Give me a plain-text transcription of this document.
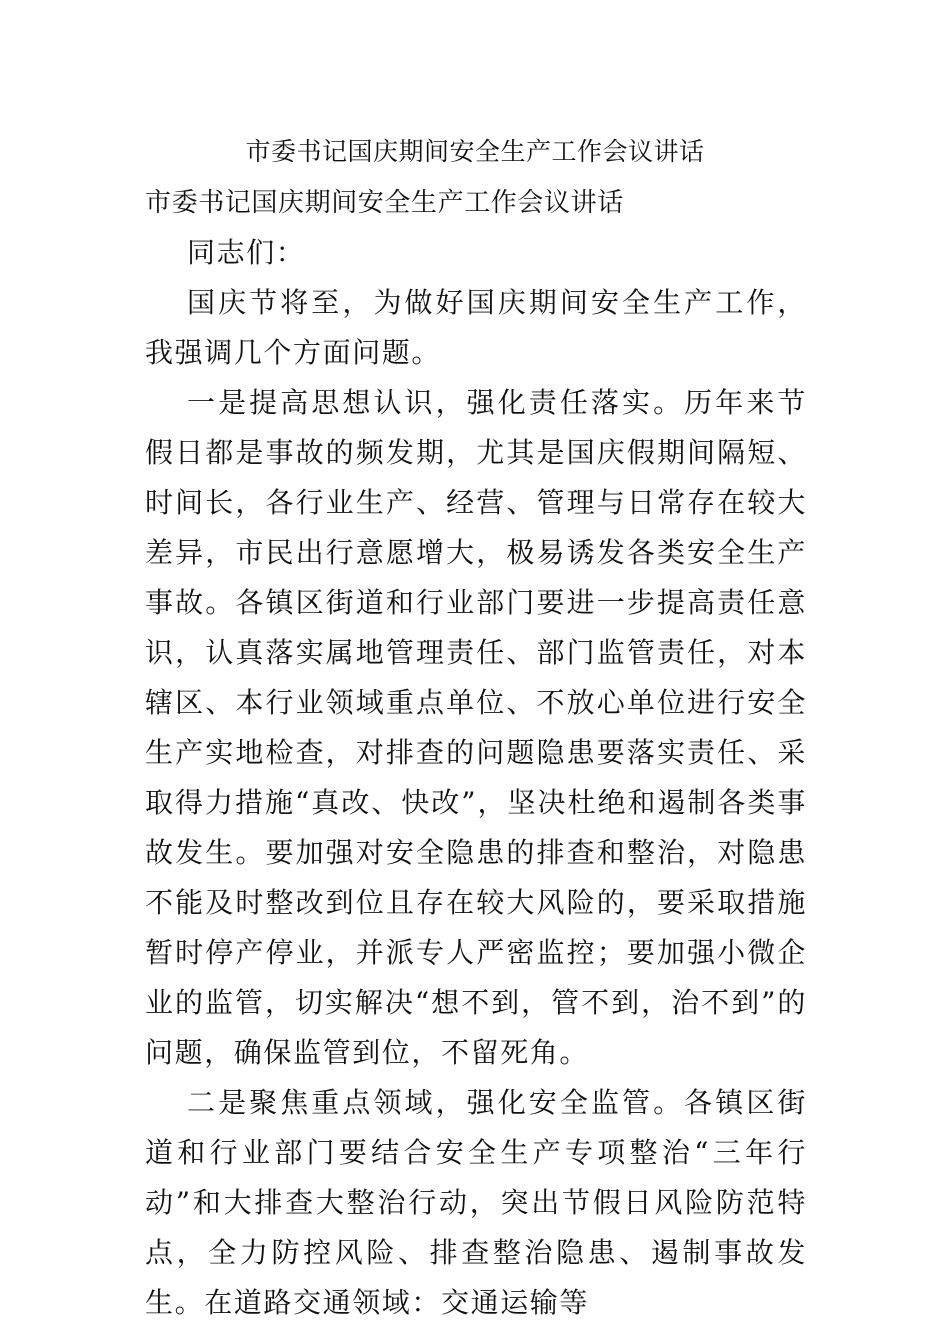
市委书记国庆期间安全生产工作会议讲话

市委书记国庆期间安全生产工作会议讲话

同志们：

国庆节将至，为做好国庆期间安全生产工作，我强调几个方面问题。

一是提高思想认识，强化责任落实。历年来节假日都是事故的频发期，尤其是国庆假期间隔短、时间长，各行业生产、经营、管理与日常存在较大差异，市民出行意愿增大，极易诱发各类安全生产事故。各镇区街道和行业部门要进一步提高责任意识，认真落实属地管理责任、部门监管责任，对本辖区、本行业领域重点单位、不放心单位进行安全生产实地检查，对排查的问题隐患要落实责任、采取得力措施“真改、快改”，坚决杜绝和遏制各类事故发生。要加强对安全隐患的排查和整治，对隐患不能及时整改到位且存在较大风险的，要采取措施暂时停产停业，并派专人严密监控；要加强小微企业的监管，切实解决“想不到，管不到，治不到”的问题，确保监管到位，不留死角。

二是聚焦重点领域，强化安全监管。各镇区街道和行业部门要结合安全生产专项整治“三年行动”和大排查大整治行动，突出节假日风险防范特点，全力防控风险、排查整治隐患、遏制事故发生。在道路交通领域：交通运输等
